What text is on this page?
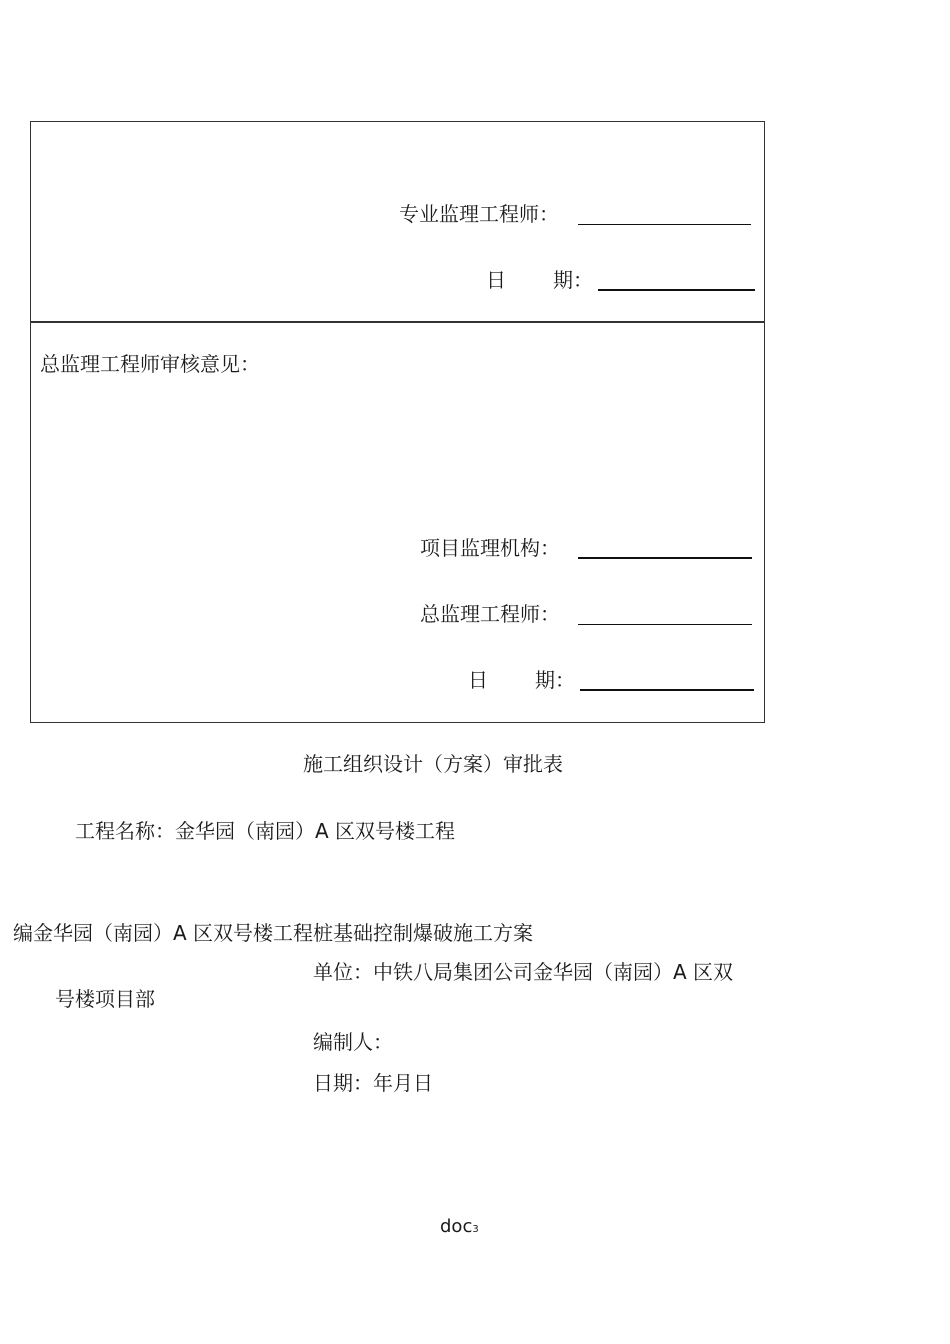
专业监理工程师：
日 期：
总监理工程师审核意见：
项目监理机构：
总监理工程师：
日 期：
施工组织设计（方案）审批表
工程名称：金华园（南园）A 区双号楼工程
编金华园（南园）A 区双号楼工程桩基础控制爆破施工方案
单位：中铁八局集团公司金华园（南园）A 区双
号楼项目部
编制人：
日期：年月日
doc3
